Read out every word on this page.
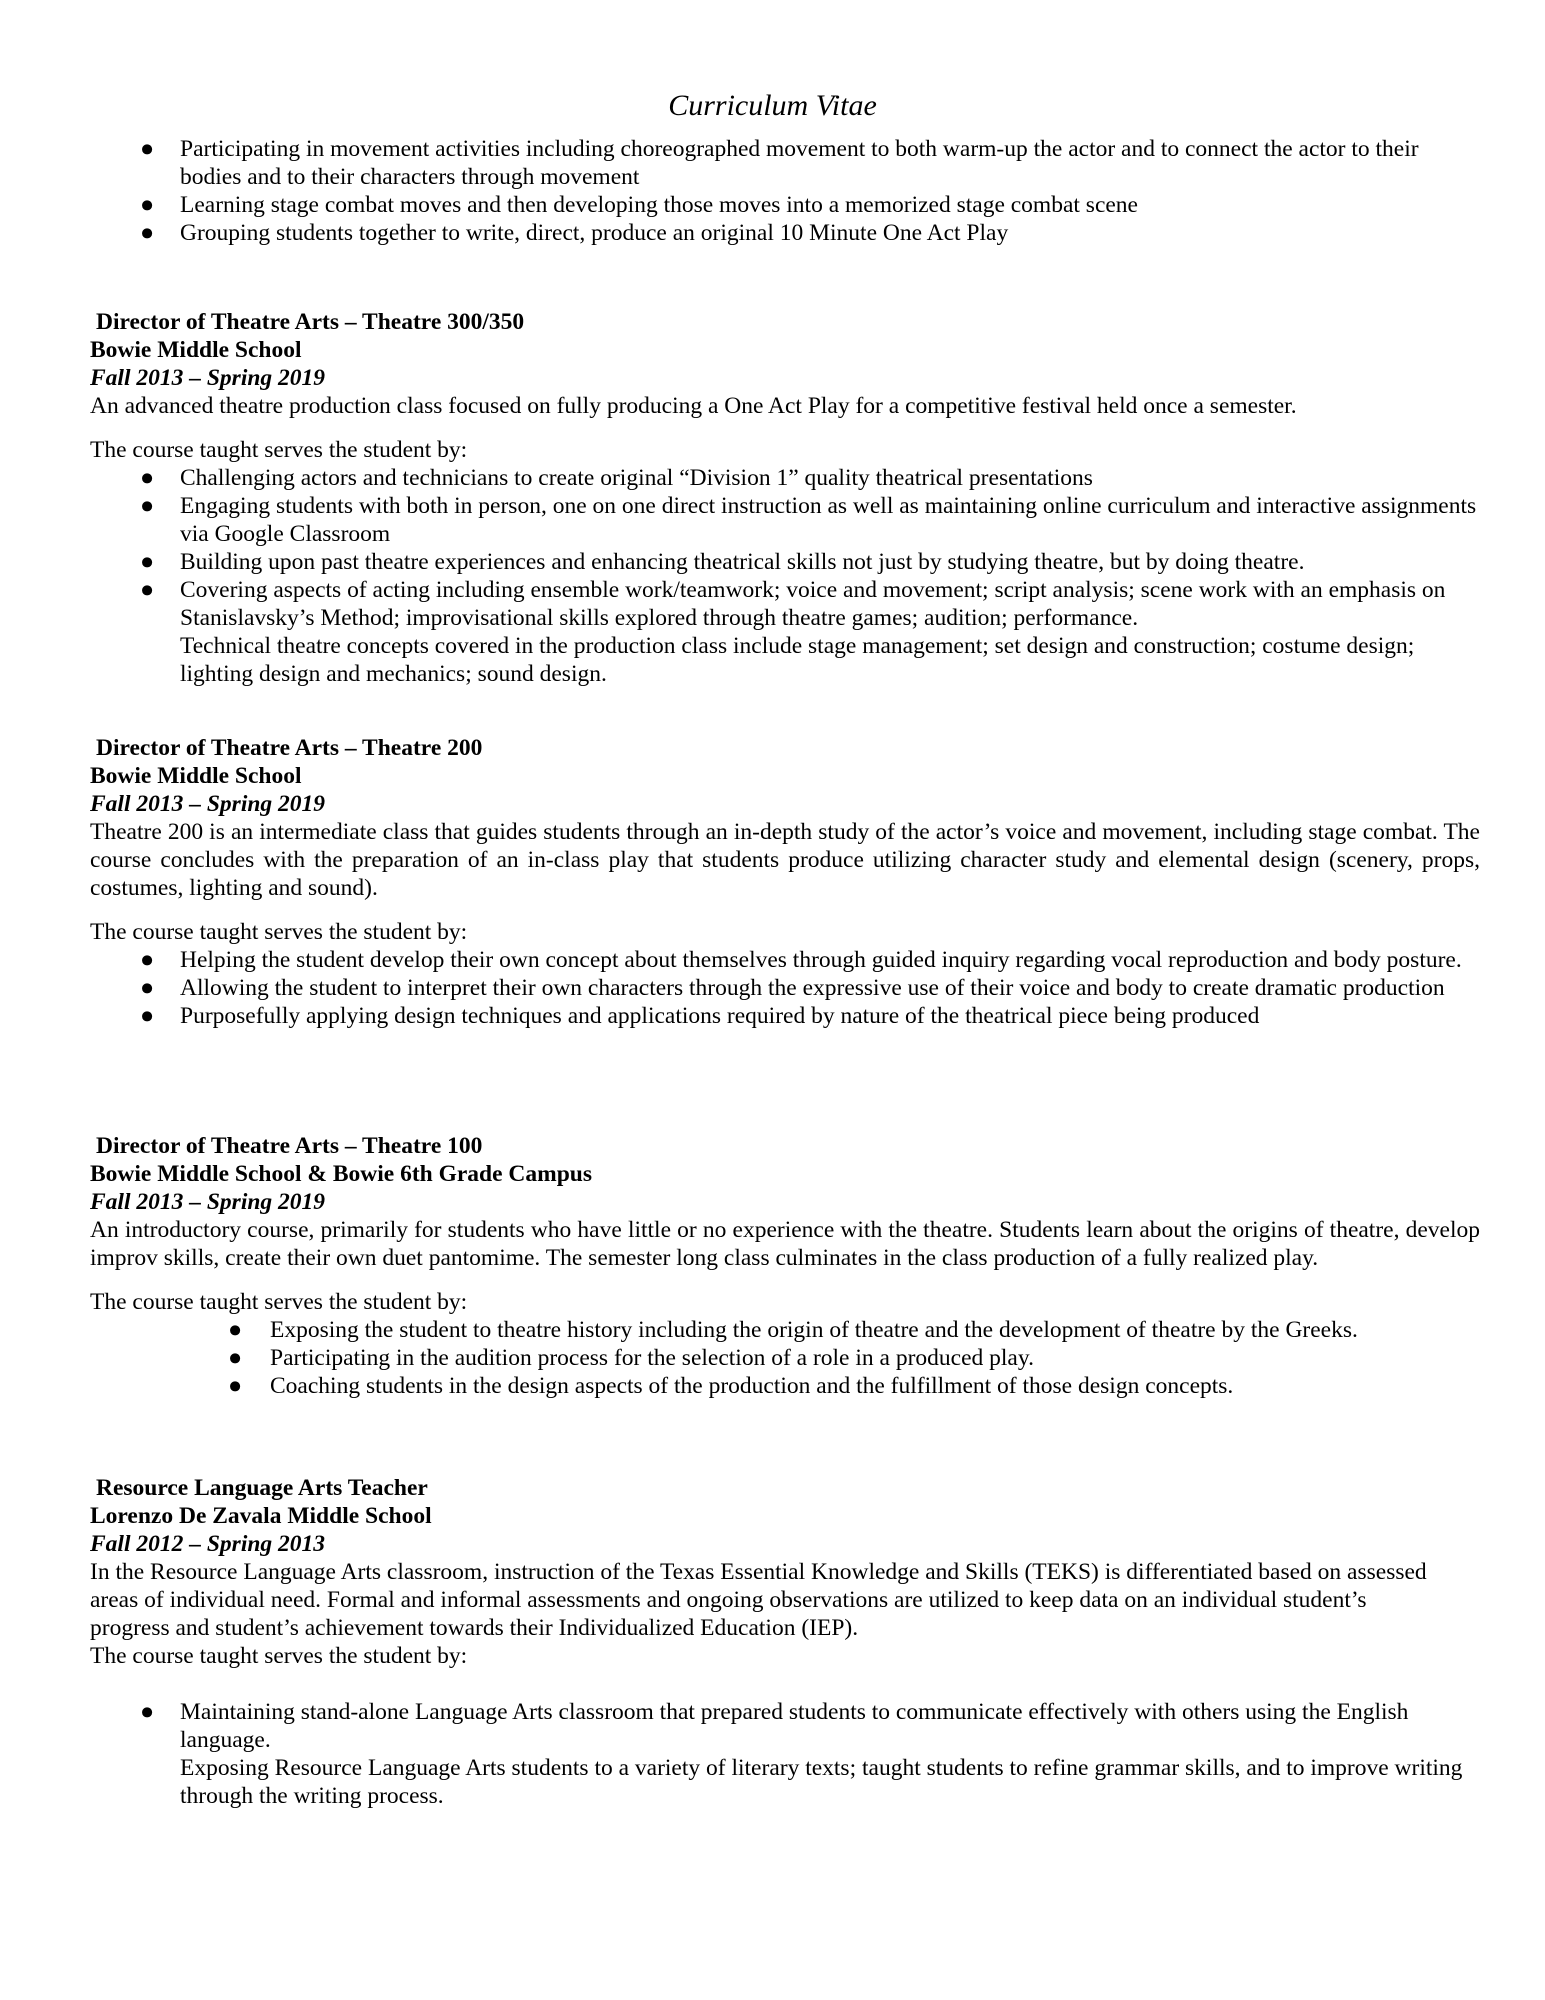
Curriculum Vitae
● Participating in movement activities including choreographed movement to both warm-up the actor and to connect the actor to their bodies and to their characters through movement
● Learning stage combat moves and then developing those moves into a memorized stage combat scene
● Grouping students together to write, direct, produce an original 10 Minute One Act Play
Director of Theatre Arts – Theatre 300/350
Bowie Middle School
Fall 2013 – Spring 2019
An advanced theatre production class focused on fully producing a One Act Play for a competitive festival held once a semester.
The course taught serves the student by:
● Challenging actors and technicians to create original “Division 1” quality theatrical presentations
● Engaging students with both in person, one on one direct instruction as well as maintaining online curriculum and interactive assignments via Google Classroom
● Building upon past theatre experiences and enhancing theatrical skills not just by studying theatre, but by doing theatre.
● Covering aspects of acting including ensemble work/teamwork; voice and movement; script analysis; scene work with an emphasis on Stanislavsky’s Method; improvisational skills explored through theatre games; audition; performance.
Technical theatre concepts covered in the production class include stage management; set design and construction; costume design; lighting design and mechanics; sound design.
Director of Theatre Arts – Theatre 200
Bowie Middle School
Fall 2013 – Spring 2019
Theatre 200 is an intermediate class that guides students through an in-depth study of the actor’s voice and movement, including stage combat. The course concludes with the preparation of an in-class play that students produce utilizing character study and elemental design (scenery, props, costumes, lighting and sound).
The course taught serves the student by:
● Helping the student develop their own concept about themselves through guided inquiry regarding vocal reproduction and body posture.
● Allowing the student to interpret their own characters through the expressive use of their voice and body to create dramatic production
● Purposefully applying design techniques and applications required by nature of the theatrical piece being produced
Director of Theatre Arts – Theatre 100
Bowie Middle School & Bowie 6th Grade Campus
Fall 2013 – Spring 2019
An introductory course, primarily for students who have little or no experience with the theatre. Students learn about the origins of theatre, develop improv skills, create their own duet pantomime. The semester long class culminates in the class production of a fully realized play.
The course taught serves the student by:
● Exposing the student to theatre history including the origin of theatre and the development of theatre by the Greeks.
● Participating in the audition process for the selection of a role in a produced play.
● Coaching students in the design aspects of the production and the fulfillment of those design concepts.
Resource Language Arts Teacher
Lorenzo De Zavala Middle School
Fall 2012 – Spring 2013
In the Resource Language Arts classroom, instruction of the Texas Essential Knowledge and Skills (TEKS) is differentiated based on assessed areas of individual need. Formal and informal assessments and ongoing observations are utilized to keep data on an individual student’s progress and student’s achievement towards their Individualized Education (IEP).
The course taught serves the student by:
● Maintaining stand-alone Language Arts classroom that prepared students to communicate effectively with others using the English language.
Exposing Resource Language Arts students to a variety of literary texts; taught students to refine grammar skills, and to improve writing through the writing process.
